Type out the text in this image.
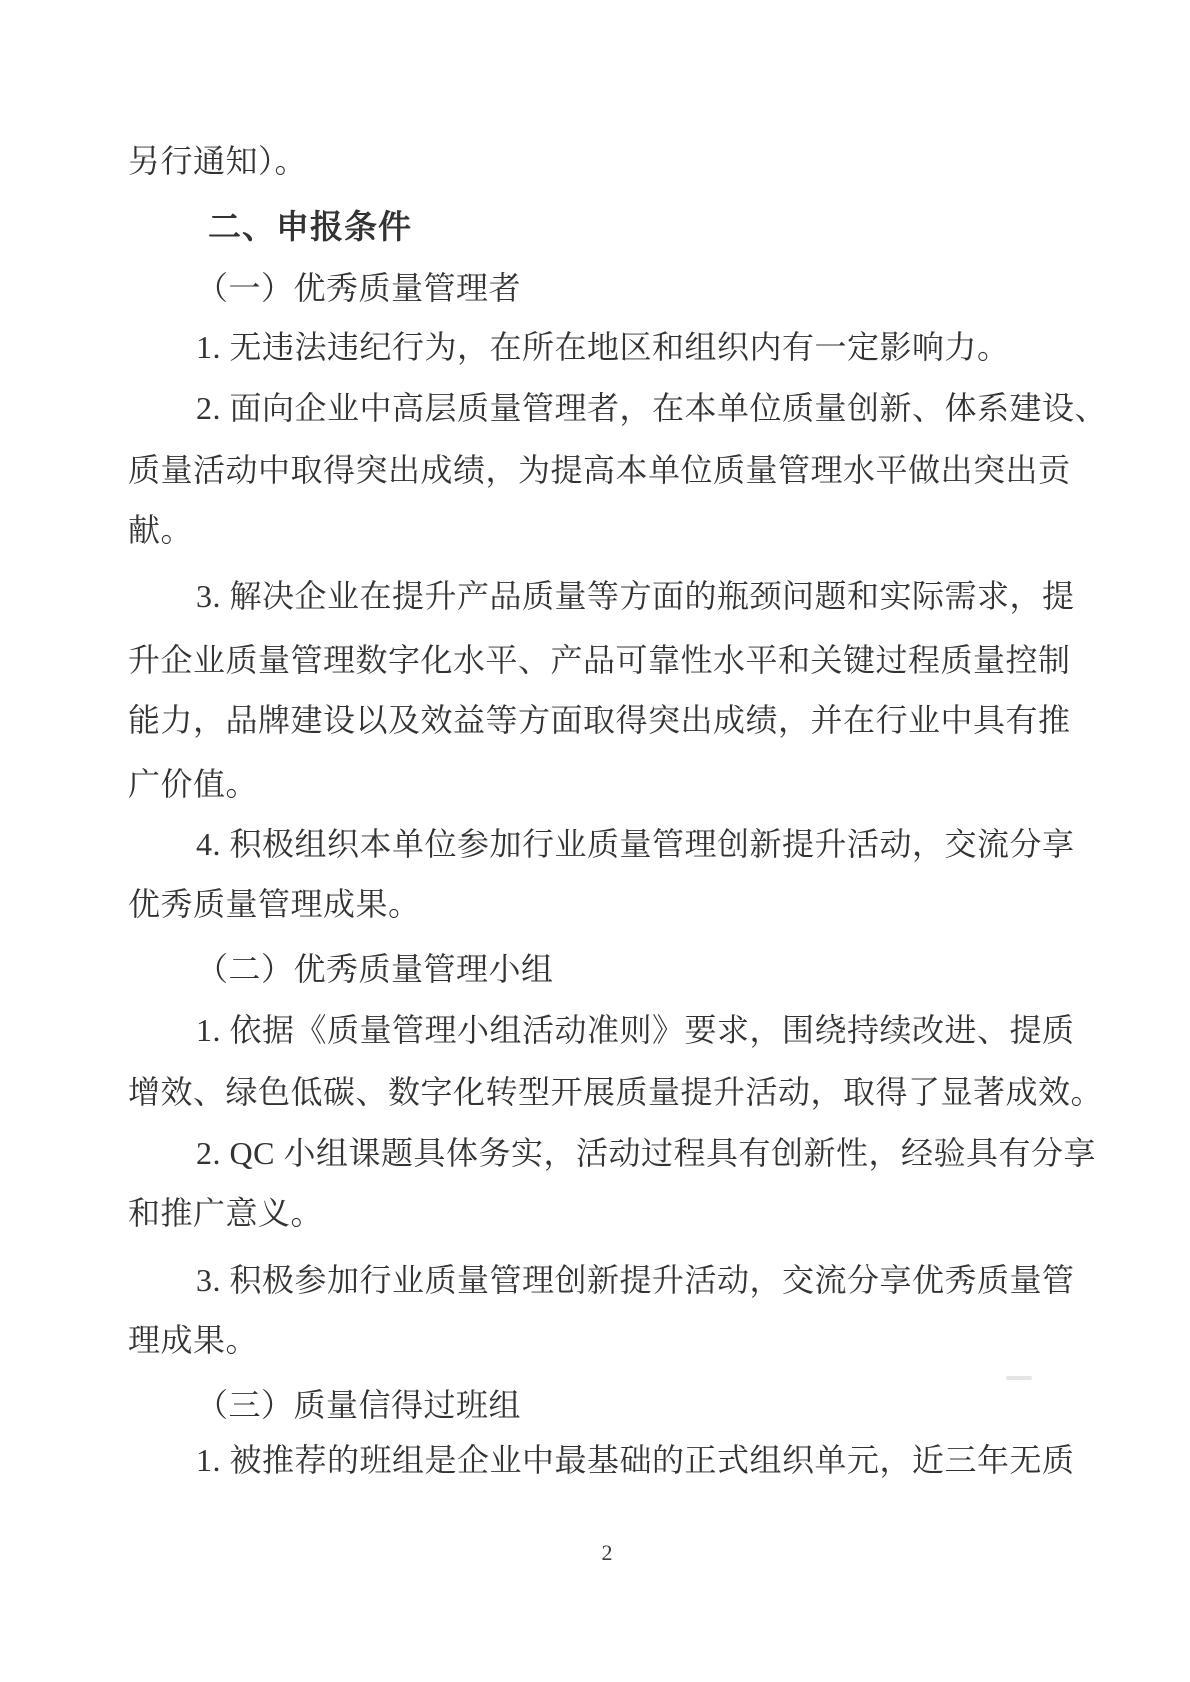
另行通知）。
二、申报条件
（一）优秀质量管理者
1. 无违法违纪行为，在所在地区和组织内有一定影响力。
2. 面向企业中高层质量管理者，在本单位质量创新、体系建设、
质量活动中取得突出成绩，为提高本单位质量管理水平做出突出贡
献。
3. 解决企业在提升产品质量等方面的瓶颈问题和实际需求，提
升企业质量管理数字化水平、产品可靠性水平和关键过程质量控制
能力，品牌建设以及效益等方面取得突出成绩，并在行业中具有推
广价值。
4. 积极组织本单位参加行业质量管理创新提升活动，交流分享
优秀质量管理成果。
（二）优秀质量管理小组
1. 依据《质量管理小组活动准则》要求，围绕持续改进、提质
增效、绿色低碳、数字化转型开展质量提升活动，取得了显著成效。
2. QC 小组课题具体务实，活动过程具有创新性，经验具有分享
和推广意义。
3. 积极参加行业质量管理创新提升活动，交流分享优秀质量管
理成果。
（三）质量信得过班组
1. 被推荐的班组是企业中最基础的正式组织单元，近三年无质
2
